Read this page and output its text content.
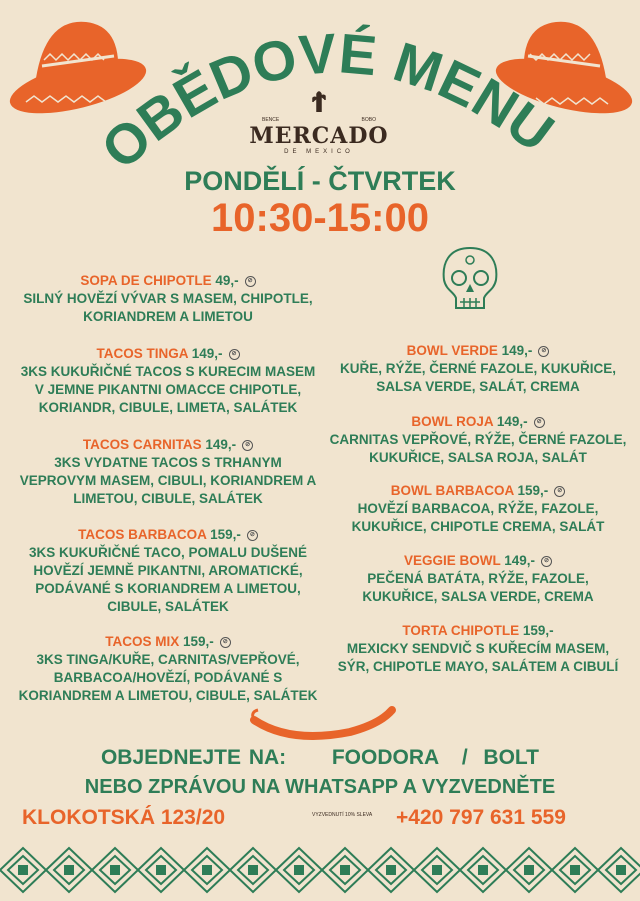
OBĚDOVÉ MENU
BENCE	BOBO
MERCADO
DE MEXICO
PONDĚLÍ - ČTVRTEK
10:30-15:00
SOPA DE CHIPOTLE 49,- ⊘
SILNÝ HOVĚZÍ VÝVAR S MASEM, CHIPOTLE,
KORIANDREM A LIMETOU
TACOS TINGA 149,- ⊘
3KS KUKUŘIČNÉ TACOS S KURECIM MASEM
V JEMNE PIKANTNI OMACCE CHIPOTLE,
KORIANDR, CIBULE, LIMETA, SALÁTEK
TACOS CARNITAS 149,- ⊘
3KS VYDATNE TACOS S TRHANYM
VEPROVYM MASEM, CIBULI, KORIANDREM A
LIMETOU, CIBULE, SALÁTEK
TACOS BARBACOA 159,- ⊘
3KS KUKUŘIČNÉ TACO, POMALU DUŠENÉ
HOVĚZÍ JEMNĚ PIKANTNI, AROMATICKÉ,
PODÁVANÉ S KORIANDREM A LIMETOU,
CIBULE, SALÁTEK
TACOS MIX 159,- ⊘
3KS TINGA/KUŘE, CARNITAS/VEPŘOVÉ,
BARBACOA/HOVĚZÍ, PODÁVANÉ S
KORIANDREM A LIMETOU, CIBULE, SALÁTEK
BOWL VERDE 149,- ⊘
KUŘE, RÝŽE, ČERNÉ FAZOLE, KUKUŘICE,
SALSA VERDE, SALÁT, CREMA
BOWL ROJA 149,- ⊘
CARNITAS VEPŘOVÉ, RÝŽE, ČERNÉ FAZOLE,
KUKUŘICE, SALSA ROJA, SALÁT
BOWL BARBACOA 159,- ⊘
HOVĚZÍ BARBACOA, RÝŽE, FAZOLE,
KUKUŘICE, CHIPOTLE CREMA, SALÁT
VEGGIE BOWL 149,- ⊘
PEČENÁ BATÁTA, RÝŽE, FAZOLE,
KUKUŘICE, SALSA VERDE, CREMA
TORTA CHIPOTLE 159,-
MEXICKY SENDVIČ S KUŘECÍM MASEM,
SÝR, CHIPOTLE MAYO, SALÁTEM A CIBULÍ
OBJEDNEJTE NA: FOODORA   /  BOLT
NEBO ZPRÁVOU NA WHATSAPP A VYZVEDNĚTE
KLOKOTSKÁ 123/20	VYZVEDNUTÍ 10% SLEVA +420 797 631 559
